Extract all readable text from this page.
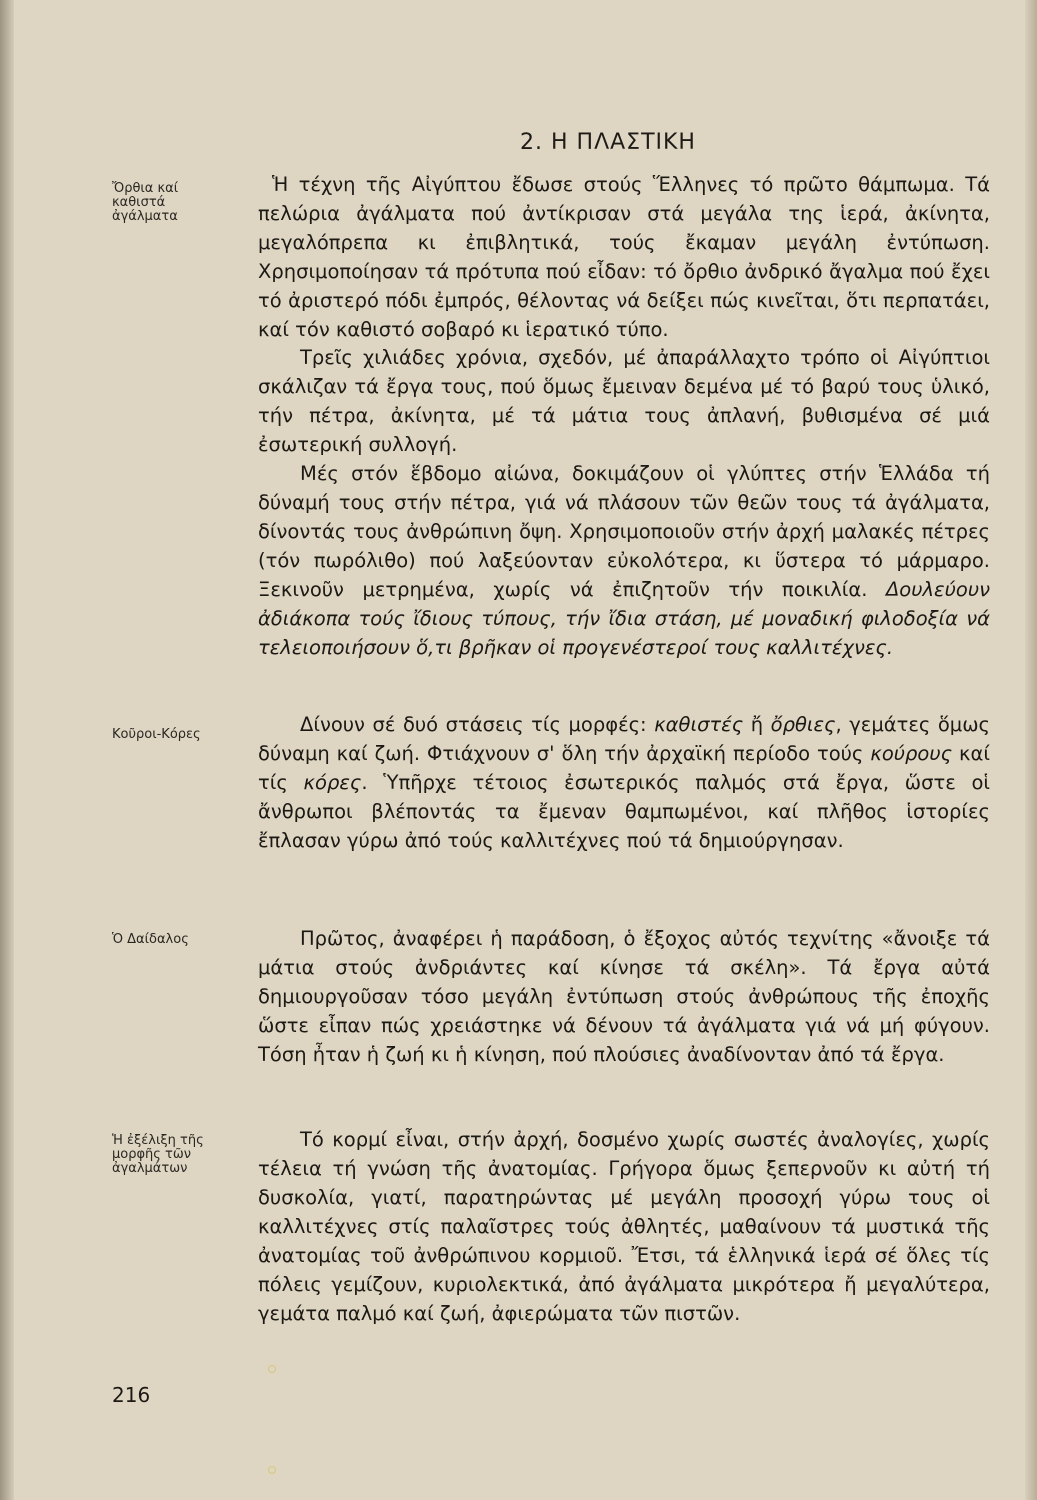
2. Η ΠΛΑΣΤΙΚΗ

Ὄρθια καί καθιστά ἀγάλματα

Κοῦροι-Κόρες

Ὁ Δαίδαλος

Ἡ ἐξέλιξη τῆς μορφῆς τῶν ἀγαλμάτων

Ἡ τέχνη τῆς Αἰγύπτου ἔδωσε στούς Ἕλληνες τό πρῶτο θάμπωμα. Τά πελώρια ἀγάλματα πού ἀντίκρισαν στά μεγάλα της ἱερά, ἀκίνητα, μεγαλόπρεπα κι ἐπιβλητικά, τούς ἔκαμαν μεγάλη ἐντύπωση. Χρησιμοποίησαν τά πρότυπα πού εἶδαν: τό ὄρθιο ἀνδρικό ἄγαλμα πού ἔχει τό ἀριστερό πόδι ἐμπρός, θέλοντας νά δείξει πώς κινεῖται, ὅτι περπατάει, καί τόν καθιστό σοβαρό κι ἱερατικό τύπο.

Τρεῖς χιλιάδες χρόνια, σχεδόν, μέ ἀπαράλλαχτο τρόπο οἱ Αἰγύπτιοι σκάλιζαν τά ἔργα τους, πού ὅμως ἔμειναν δεμένα μέ τό βαρύ τους ὑλικό, τήν πέτρα, ἀκίνητα, μέ τά μάτια τους ἀπλανή, βυθισμένα σέ μιά ἐσωτερική συλλογή.

Μές στόν ἕβδομο αἰώνα, δοκιμάζουν οἱ γλύπτες στήν Ἑλλάδα τή δύναμή τους στήν πέτρα, γιά νά πλάσουν τῶν θεῶν τους τά ἀγάλματα, δίνοντάς τους ἀνθρώπινη ὄψη. Χρησιμοποιοῦν στήν ἀρχή μαλακές πέτρες (τόν πωρόλιθο) πού λαξεύονταν εὐκολότερα, κι ὕστερα τό μάρμαρο. Ξεκινοῦν μετρημένα, χωρίς νά ἐπιζητοῦν τήν ποικιλία. Δουλεύουν ἀδιάκοπα τούς ἴδιους τύπους, τήν ἴδια στάση, μέ μοναδική φιλοδοξία νά τελειοποιήσουν ὅ,τι βρῆκαν οἱ προγενέστεροί τους καλλιτέχνες.

Δίνουν σέ δυό στάσεις τίς μορφές: καθιστές ἤ ὄρθιες, γεμάτες ὅμως δύναμη καί ζωή. Φτιάχνουν σ' ὅλη τήν ἀρχαϊκή περίοδο τούς κούρους καί τίς κόρες. Ὑπῆρχε τέτοιος ἐσωτερικός παλμός στά ἔργα, ὥστε οἱ ἄνθρωποι βλέποντάς τα ἔμεναν θαμπωμένοι, καί πλῆθος ἱστορίες ἔπλασαν γύρω ἀπό τούς καλλιτέχνες πού τά δημιούργησαν.

Πρῶτος, ἀναφέρει ἡ παράδοση, ὁ ἔξοχος αὐτός τεχνίτης «ἄνοιξε τά μάτια στούς ἀνδριάντες καί κίνησε τά σκέλη». Τά ἔργα αὐτά δημιουργοῦσαν τόσο μεγάλη ἐντύπωση στούς ἀνθρώπους τῆς ἐποχῆς ὥστε εἶπαν πώς χρειάστηκε νά δένουν τά ἀγάλματα γιά νά μή φύγουν. Τόση ἦταν ἡ ζωή κι ἡ κίνηση, πού πλούσιες ἀναδίνονταν ἀπό τά ἔργα.

Τό κορμί εἶναι, στήν ἀρχή, δοσμένο χωρίς σωστές ἀναλογίες, χωρίς τέλεια τή γνώση τῆς ἀνατομίας. Γρήγορα ὅμως ξεπερνοῦν κι αὐτή τή δυσκολία, γιατί, παρατηρώντας μέ μεγάλη προσοχή γύρω τους οἱ καλλιτέχνες στίς παλαῖστρες τούς ἀθλητές, μαθαίνουν τά μυστικά τῆς ἀνατομίας τοῦ ἀνθρώπινου κορμιοῦ. Ἔτσι, τά ἑλληνικά ἱερά σέ ὅλες τίς πόλεις γεμίζουν, κυριολεκτικά, ἀπό ἀγάλματα μικρότερα ἤ μεγαλύτερα, γεμάτα παλμό καί ζωή, ἀφιερώματα τῶν πιστῶν.

216
